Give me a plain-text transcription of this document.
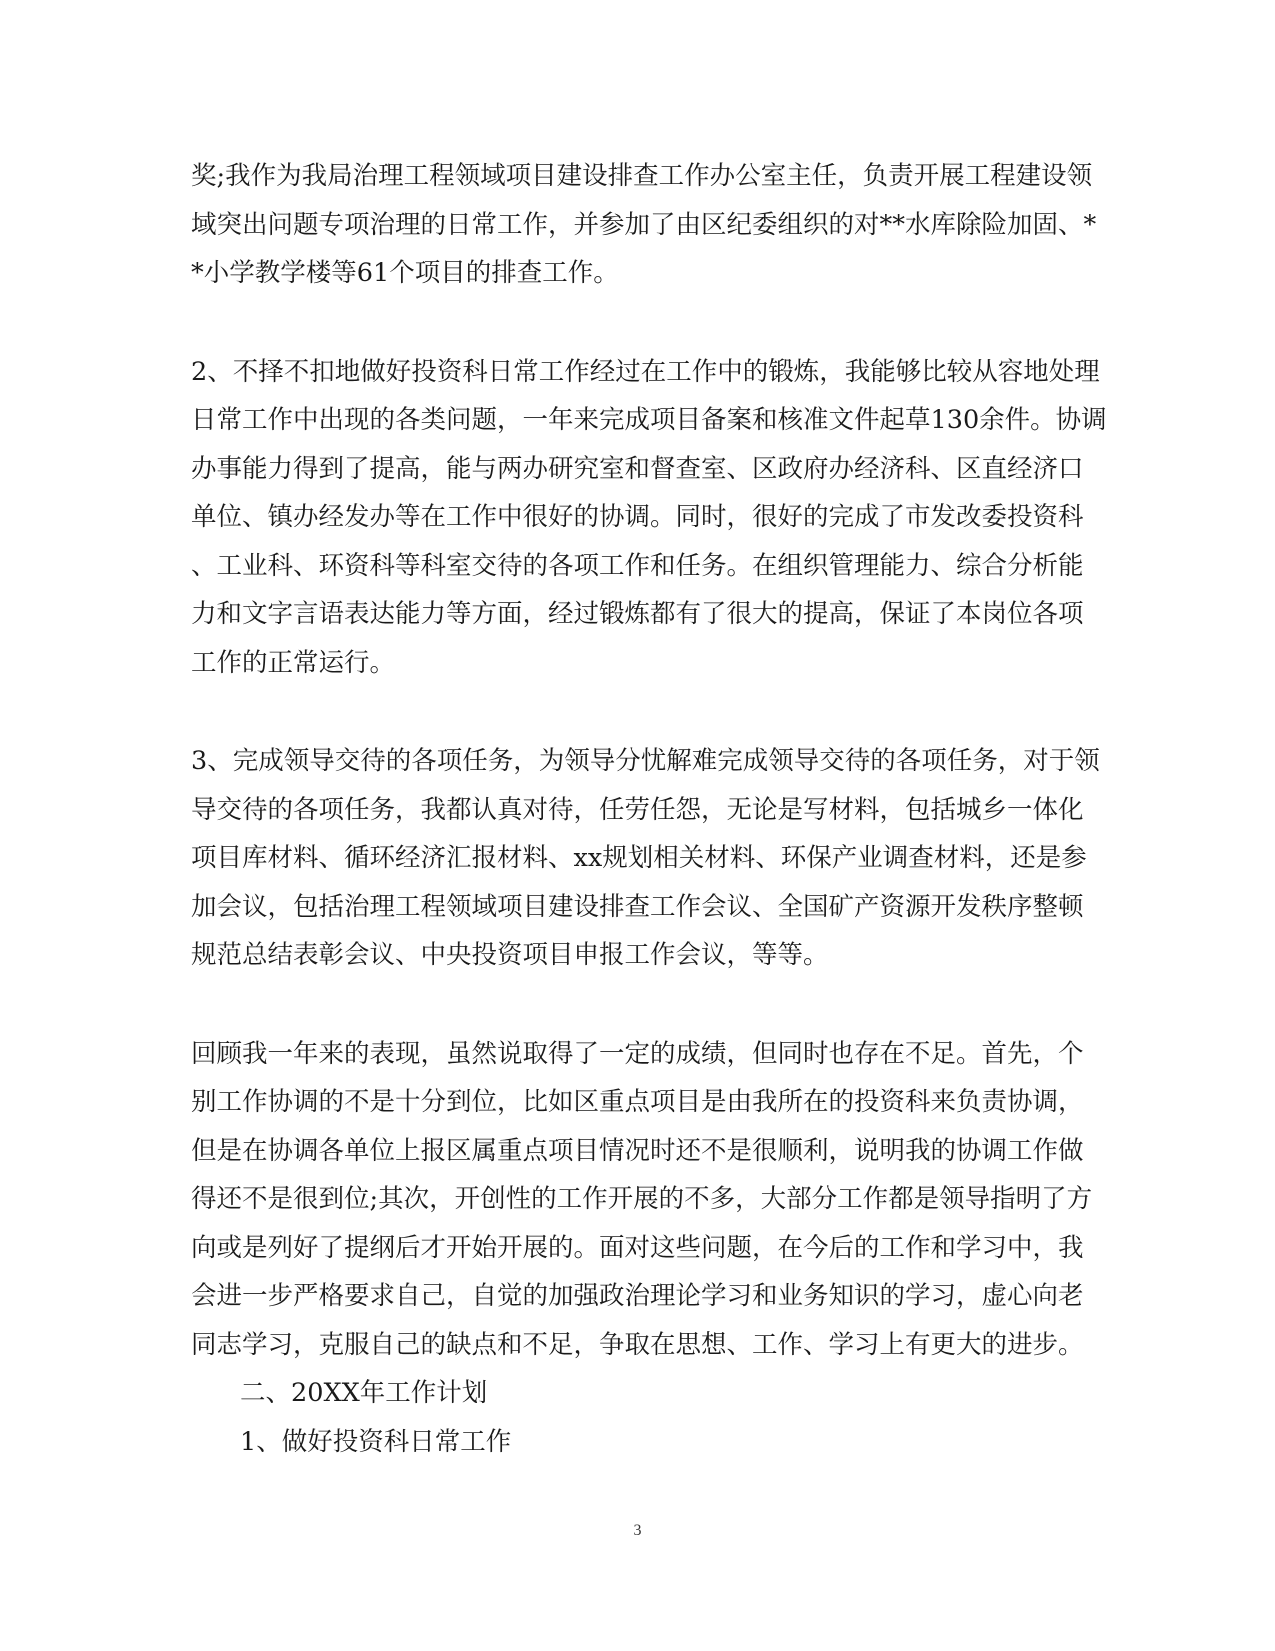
奖;我作为我局治理工程领域项目建设排查工作办公室主任，负责开展工程建设领
域突出问题专项治理的日常工作，并参加了由区纪委组织的对**水库除险加固、*
*小学教学楼等61个项目的排查工作。
2、不择不扣地做好投资科日常工作经过在工作中的锻炼，我能够比较从容地处理
日常工作中出现的各类问题，一年来完成项目备案和核准文件起草130余件。协调
办事能力得到了提高，能与两办研究室和督查室、区政府办经济科、区直经济口
单位、镇办经发办等在工作中很好的协调。同时，很好的完成了市发改委投资科
、工业科、环资科等科室交待的各项工作和任务。在组织管理能力、综合分析能
力和文字言语表达能力等方面，经过锻炼都有了很大的提高，保证了本岗位各项
工作的正常运行。
3、完成领导交待的各项任务，为领导分忧解难完成领导交待的各项任务，对于领
导交待的各项任务，我都认真对待，任劳任怨，无论是写材料，包括城乡一体化
项目库材料、循环经济汇报材料、xx规划相关材料、环保产业调查材料，还是参
加会议，包括治理工程领域项目建设排查工作会议、全国矿产资源开发秩序整顿
规范总结表彰会议、中央投资项目申报工作会议，等等。
回顾我一年来的表现，虽然说取得了一定的成绩，但同时也存在不足。首先，个
别工作协调的不是十分到位，比如区重点项目是由我所在的投资科来负责协调，
但是在协调各单位上报区属重点项目情况时还不是很顺利，说明我的协调工作做
得还不是很到位;其次，开创性的工作开展的不多，大部分工作都是领导指明了方
向或是列好了提纲后才开始开展的。面对这些问题，在今后的工作和学习中，我
会进一步严格要求自己，自觉的加强政治理论学习和业务知识的学习，虚心向老
同志学习，克服自己的缺点和不足，争取在思想、工作、学习上有更大的进步。
二、20XX年工作计划
1、做好投资科日常工作
3
